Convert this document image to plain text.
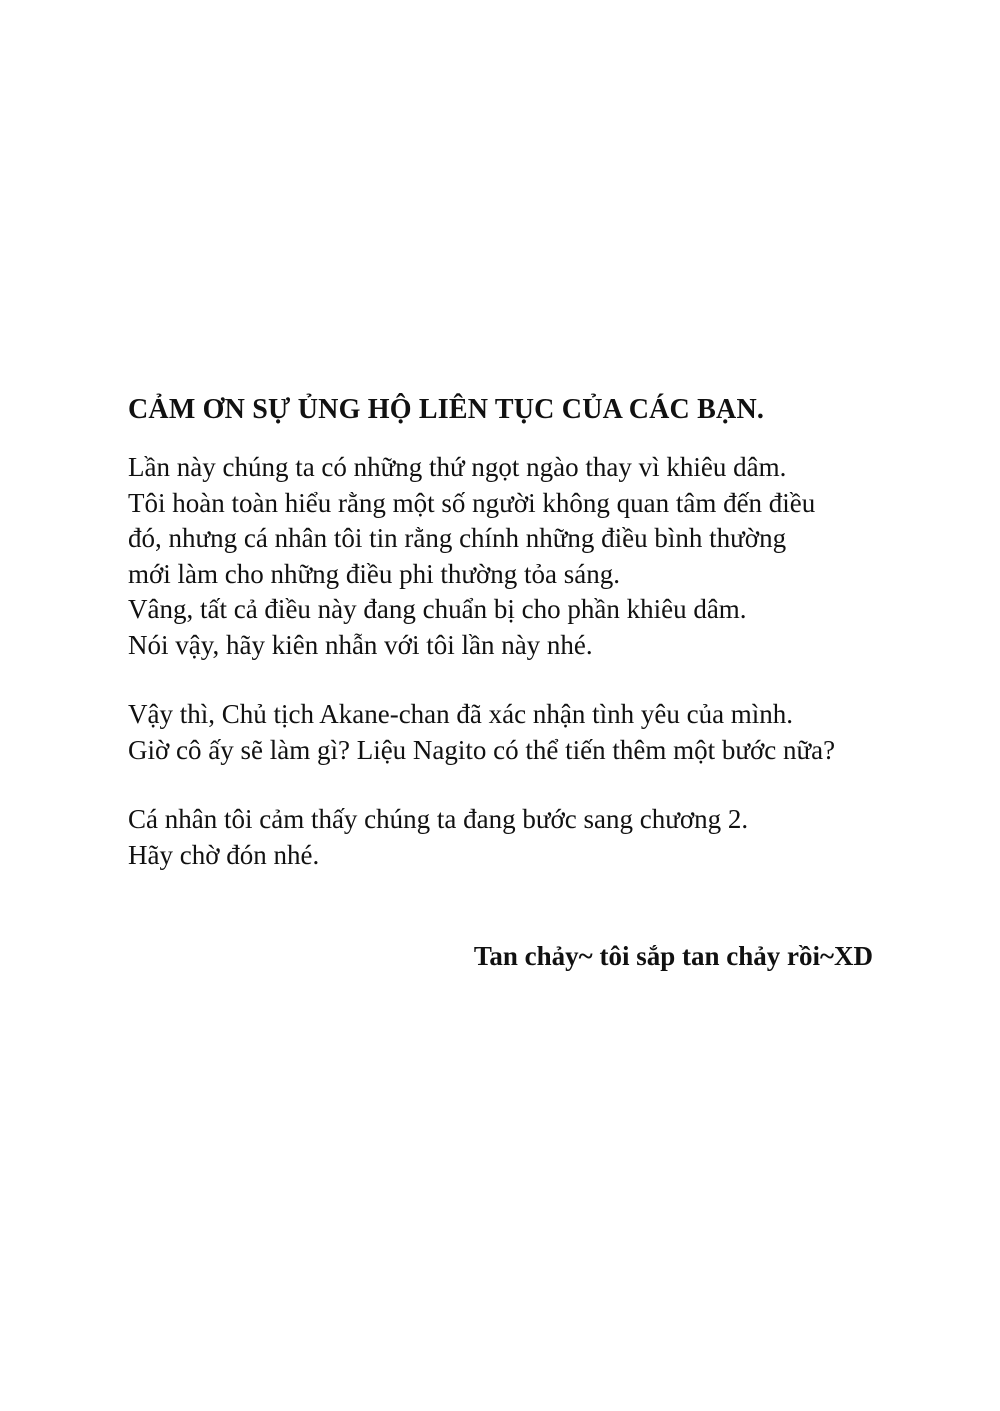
CẢM ƠN SỰ ỦNG HỘ LIÊN TỤC CỦA CÁC BẠN.
Lần này chúng ta có những thứ ngọt ngào thay vì khiêu dâm.
Tôi hoàn toàn hiểu rằng một số người không quan tâm đến điều
đó, nhưng cá nhân tôi tin rằng chính những điều bình thường
mới làm cho những điều phi thường tỏa sáng.
Vâng, tất cả điều này đang chuẩn bị cho phần khiêu dâm.
Nói vậy, hãy kiên nhẫn với tôi lần này nhé.
Vậy thì, Chủ tịch Akane-chan đã xác nhận tình yêu của mình.
Giờ cô ấy sẽ làm gì? Liệu Nagito có thể tiến thêm một bước nữa?
Cá nhân tôi cảm thấy chúng ta đang bước sang chương 2.
Hãy chờ đón nhé.
Tan chảy~ tôi sắp tan chảy rồi~XD
